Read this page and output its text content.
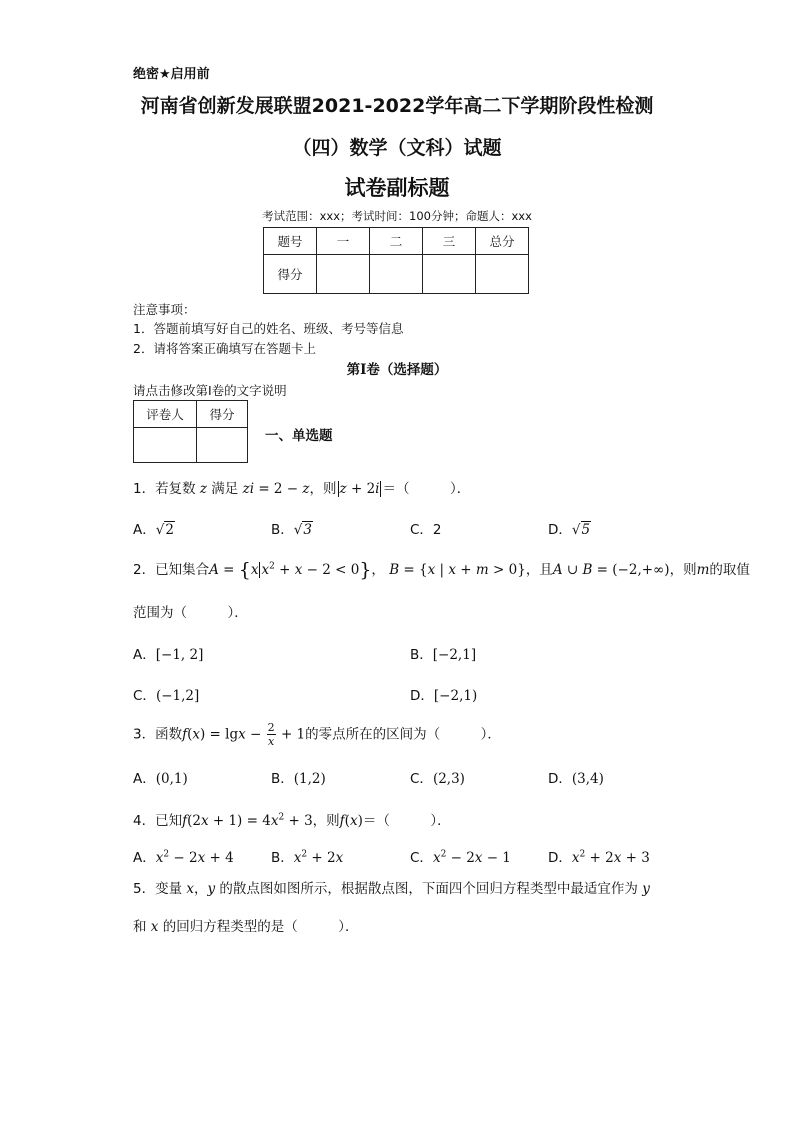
绝密★启用前
河南省创新发展联盟2021-2022学年高二下学期阶段性检测
（四）数学（文科）试题
试卷副标题
考试范围：xxx；考试时间：100分钟；命题人：xxx
题号	一	二	三	总分
得分				
注意事项：
1．答题前填写好自己的姓名、班级、考号等信息
2．请将答案正确填写在答题卡上
第I卷（选择题）
请点击修改第I卷的文字说明
评卷人	得分

一、单选题
1．若复数 z 满足 zi = 2 − z，则 z + 2i ＝（　　　）．
A．√2	B．√3	C．2	D．√5
2．已知集合A = {x $x^2 + x - 2 < 0$}， B = {x | x + m > 0}，且A ∪ B = (−2,+∞)，则m的取值
范围为（　　　）．
A．[−1, 2]	B．[−2,1]
C．(−1,2]	D．[−2,1)
3．函数$f(x) = \lg x - \frac{2}{x} + 1$的零点所在的区间为（　　　）．
A．(0,1)	B．(1,2)	C．(2,3)	D．(3,4)
4．已知$f(2x + 1) = 4x^2 + 3$，则f(x)＝（　　　）．
A．$x^2 - 2x + 4$	B．$x^2 + 2x$	C．$x^2 - 2x - 1$	D．$x^2 + 2x + 3$
5．变量 x，y 的散点图如图所示，根据散点图，下面四个回归方程类型中最适宜作为 y
和 x 的回归方程类型的是（　　　）．
